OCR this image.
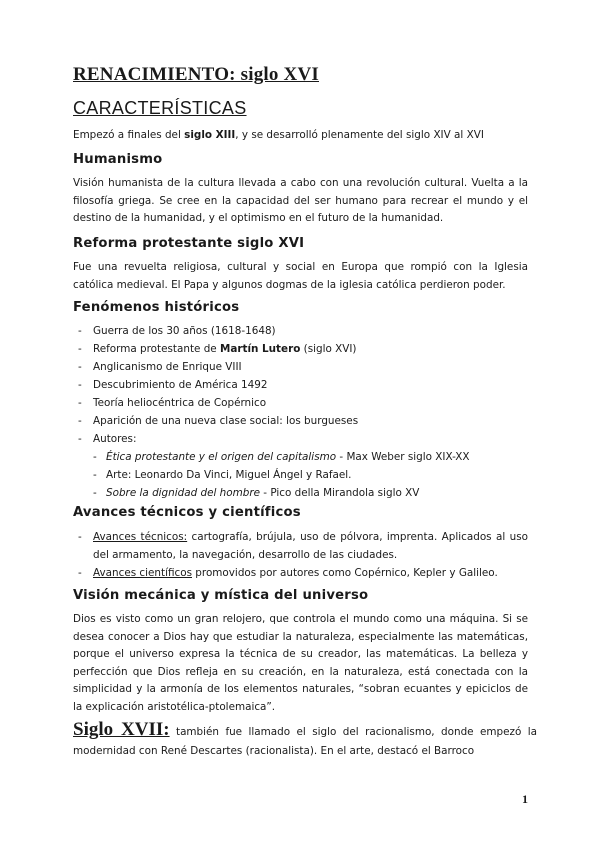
RENACIMIENTO: siglo XVI
CARACTERÍSTICAS
Empezó a finales del siglo XIII, y se desarrolló plenamente del siglo XIV al XVI
Humanismo
Visión humanista de la cultura llevada a cabo con una revolución cultural. Vuelta a la filosofía griega. Se cree en la capacidad del ser humano para recrear el mundo y el destino de la humanidad, y el optimismo en el futuro de la humanidad.
Reforma protestante siglo XVI
Fue una revuelta religiosa, cultural y social en Europa que rompió con la Iglesia católica medieval. El Papa y algunos dogmas de la iglesia católica perdieron poder.
Fenómenos históricos
- Guerra de los 30 años (1618-1648)
- Reforma protestante de Martín Lutero (siglo XVI)
- Anglicanismo de Enrique VIII
- Descubrimiento de América 1492
- Teoría heliocéntrica de Copérnico
- Aparición de una nueva clase social: los burgueses
- Autores:
- Ética protestante y el origen del capitalismo - Max Weber siglo XIX-XX
- Arte: Leonardo Da Vinci, Miguel Ángel y Rafael.
- Sobre la dignidad del hombre - Pico della Mirandola siglo XV
Avances técnicos y científicos
- Avances técnicos: cartografía, brújula, uso de pólvora, imprenta. Aplicados al uso del armamento, la navegación, desarrollo de las ciudades.
- Avances científicos promovidos por autores como Copérnico, Kepler y Galileo.
Visión mecánica y mística del universo
Dios es visto como un gran relojero, que controla el mundo como una máquina. Si se desea conocer a Dios hay que estudiar la naturaleza, especialmente las matemáticas, porque el universo expresa la técnica de su creador, las matemáticas. La belleza y perfección que Dios refleja en su creación, en la naturaleza, está conectada con la simplicidad y la armonía de los elementos naturales, “sobran ecuantes y epiciclos de la explicación aristotélica-ptolemaica”.
Siglo XVII: también fue llamado el siglo del racionalismo, donde empezó la modernidad con René Descartes (racionalista). En el arte, destacó el Barroco
1
